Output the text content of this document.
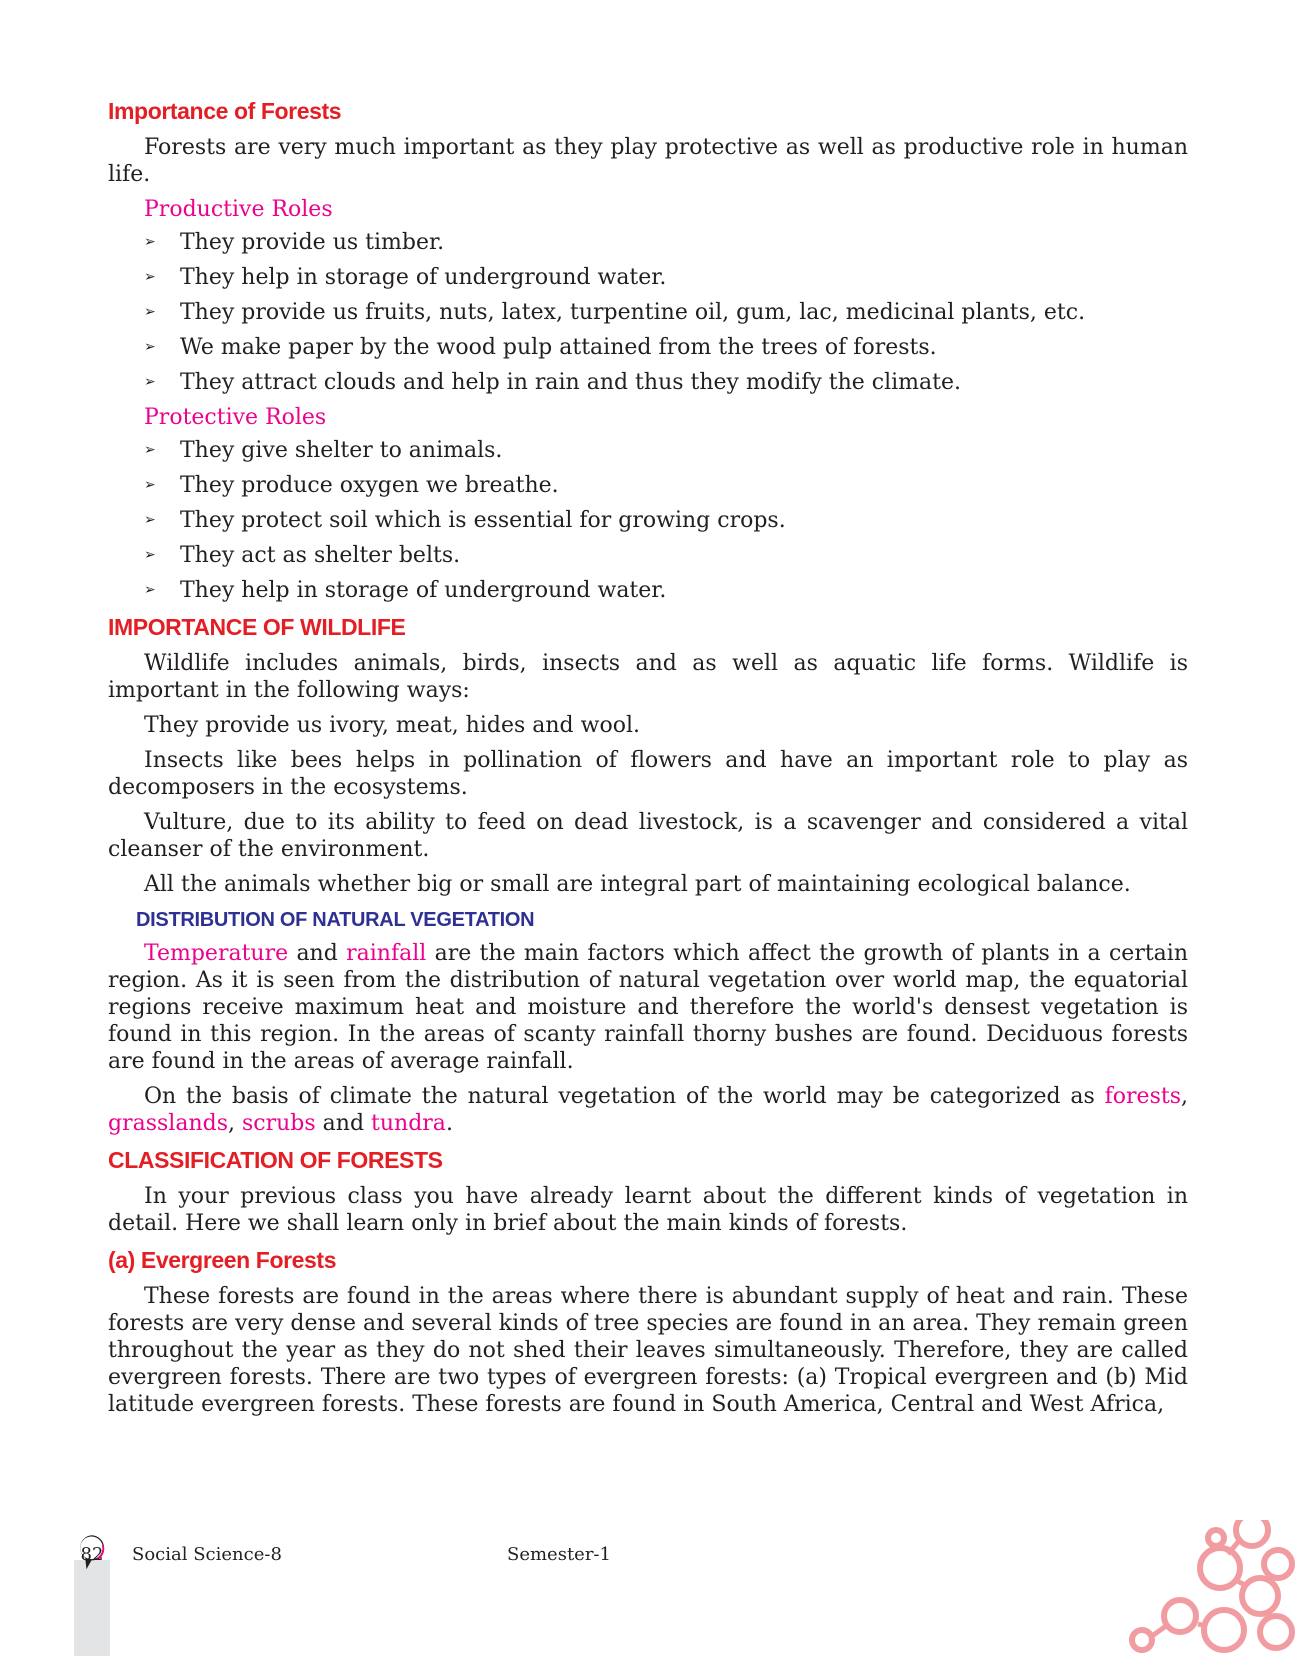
Importance of Forests

Forests are very much important as they play protective as well as productive role in human life.

Productive Roles
➢ They provide us timber.
➢ They help in storage of underground water.
➢ They provide us fruits, nuts, latex, turpentine oil, gum, lac, medicinal plants, etc.
➢ We make paper by the wood pulp attained from the trees of forests.
➢ They attract clouds and help in rain and thus they modify the climate.
Protective Roles
➢ They give shelter to animals.
➢ They produce oxygen we breathe.
➢ They protect soil which is essential for growing crops.
➢ They act as shelter belts.
➢ They help in storage of underground water.
IMPORTANCE OF WILDLIFE

Wildlife includes animals, birds, insects and as well as aquatic life forms. Wildlife is important in the following ways:

They provide us ivory, meat, hides and wool.

Insects like bees helps in pollination of flowers and have an important role to play as decomposers in the ecosystems.

Vulture, due to its ability to feed on dead livestock, is a scavenger and considered a vital cleanser of the environment.

All the animals whether big or small are integral part of maintaining ecological balance.

DISTRIBUTION OF NATURAL VEGETATION

Temperature and rainfall are the main factors which affect the growth of plants in a certain region. As it is seen from the distribution of natural vegetation over world map, the equatorial regions receive maximum heat and moisture and therefore the world's densest vegetation is found in this region. In the areas of scanty rainfall thorny bushes are found. Deciduous forests are found in the areas of average rainfall.

On the basis of climate the natural vegetation of the world may be categorized as forests, grasslands, scrubs and tundra.

CLASSIFICATION OF FORESTS

In your previous class you have already learnt about the different kinds of vegetation in detail. Here we shall learn only in brief about the main kinds of forests.

(a) Evergreen Forests

These forests are found in the areas where there is abundant supply of heat and rain. These forests are very dense and several kinds of tree species are found in an area. They remain green throughout the year as they do not shed their leaves simultaneously. Therefore, they are called evergreen forests. There are two types of evergreen forests: (a) Tropical evergreen and (b) Mid latitude evergreen forests. These forests are found in South America, Central and West Africa,

82	Social Science-8	Semester-1
